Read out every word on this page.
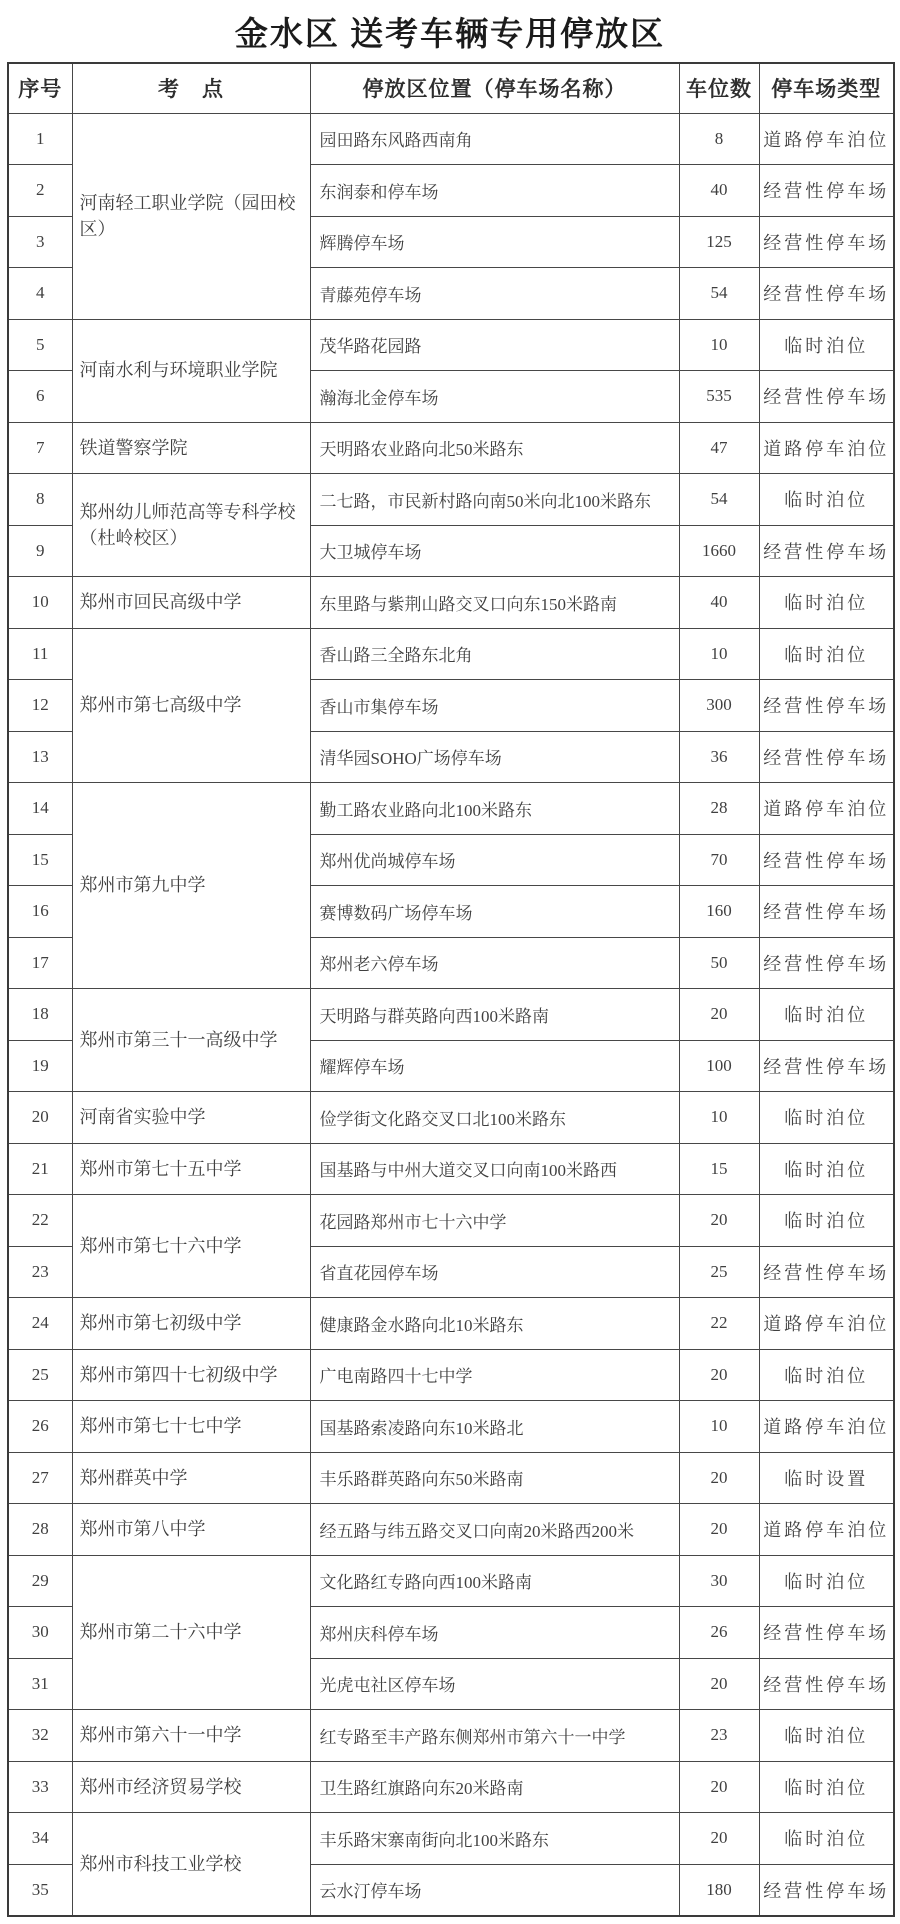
金水区 送考车辆专用停放区
序号	考　点	停放区位置（停车场名称）	车位数	停车场类型
1	河南轻工职业学院（园田校区）	园田路东风路西南角	8	道路停车泊位
2		东润泰和停车场	40	经营性停车场
3		辉腾停车场	125	经营性停车场
4		青藤苑停车场	54	经营性停车场
5	河南水利与环境职业学院	茂华路花园路	10	临时泊位
6		瀚海北金停车场	535	经营性停车场
7	铁道警察学院	天明路农业路向北50米路东	47	道路停车泊位
8	郑州幼儿师范高等专科学校（杜岭校区）	二七路，市民新村路向南50米向北100米路东	54	临时泊位
9		大卫城停车场	1660	经营性停车场
10	郑州市回民高级中学	东里路与紫荆山路交叉口向东150米路南	40	临时泊位
11	郑州市第七高级中学	香山路三全路东北角	10	临时泊位
12		香山市集停车场	300	经营性停车场
13		清华园SOHO广场停车场	36	经营性停车场
14	郑州市第九中学	勤工路农业路向北100米路东	28	道路停车泊位
15		郑州优尚城停车场	70	经营性停车场
16		赛博数码广场停车场	160	经营性停车场
17		郑州老六停车场	50	经营性停车场
18	郑州市第三十一高级中学	天明路与群英路向西100米路南	20	临时泊位
19		耀辉停车场	100	经营性停车场
20	河南省实验中学	俭学街文化路交叉口北100米路东	10	临时泊位
21	郑州市第七十五中学	国基路与中州大道交叉口向南100米路西	15	临时泊位
22	郑州市第七十六中学	花园路郑州市七十六中学	20	临时泊位
23		省直花园停车场	25	经营性停车场
24	郑州市第七初级中学	健康路金水路向北10米路东	22	道路停车泊位
25	郑州市第四十七初级中学	广电南路四十七中学	20	临时泊位
26	郑州市第七十七中学	国基路索凌路向东10米路北	10	道路停车泊位
27	郑州群英中学	丰乐路群英路向东50米路南	20	临时设置
28	郑州市第八中学	经五路与纬五路交叉口向南20米路西200米	20	道路停车泊位
29	郑州市第二十六中学	文化路红专路向西100米路南	30	临时泊位
30		郑州庆科停车场	26	经营性停车场
31		光虎屯社区停车场	20	经营性停车场
32	郑州市第六十一中学	红专路至丰产路东侧郑州市第六十一中学	23	临时泊位
33	郑州市经济贸易学校	卫生路红旗路向东20米路南	20	临时泊位
34	郑州市科技工业学校	丰乐路宋寨南街向北100米路东	20	临时泊位
35		云水汀停车场	180	经营性停车场
